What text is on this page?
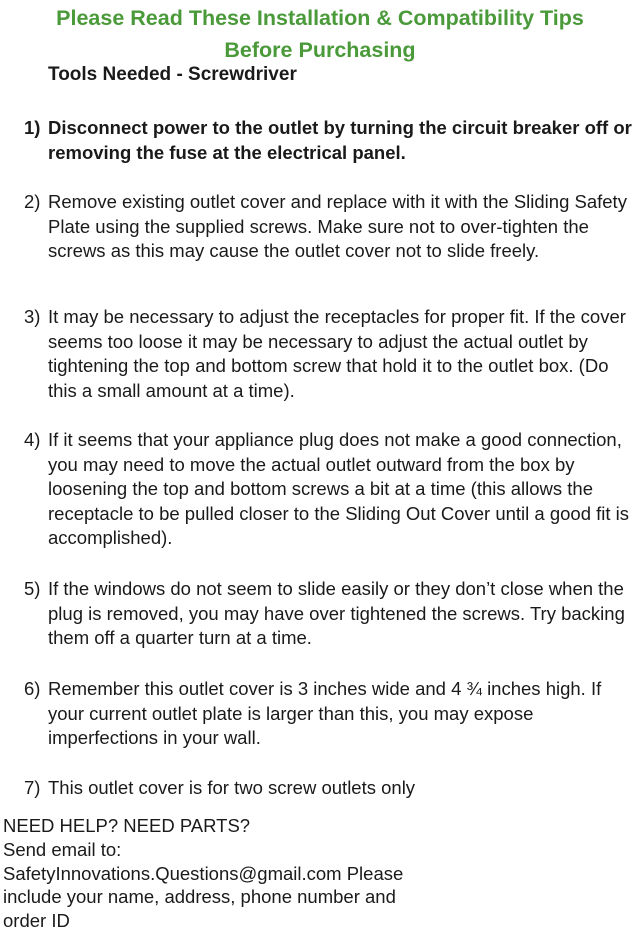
Please Read These Installation & Compatibility Tips
Before Purchasing

Tools Needed - Screwdriver

1) Disconnect power to the outlet by turning the circuit breaker off or removing the fuse at the electrical panel.
2) Remove existing outlet cover and replace with it with the Sliding Safety Plate using the supplied screws. Make sure not to over-tighten the screws as this may cause the outlet cover not to slide freely.
3) It may be necessary to adjust the receptacles for proper fit. If the cover seems too loose it may be necessary to adjust the actual outlet by tightening the top and bottom screw that hold it to the outlet box. (Do this a small amount at a time).
4) If it seems that your appliance plug does not make a good connection, you may need to move the actual outlet outward from the box by loosening the top and bottom screws a bit at a time (this allows the receptacle to be pulled closer to the Sliding Out Cover until a good fit is accomplished).
5) If the windows do not seem to slide easily or they don’t close when the plug is removed, you may have over tightened the screws. Try backing them off a quarter turn at a time.
6) Remember this outlet cover is 3 inches wide and 4 ¾ inches high. If your current outlet plate is larger than this, you may expose imperfections in your wall.
7) This outlet cover is for two screw outlets only
NEED HELP? NEED PARTS?
Send email to:
SafetyInnovations.Questions@gmail.com Please
include your name, address, phone number and
order ID
